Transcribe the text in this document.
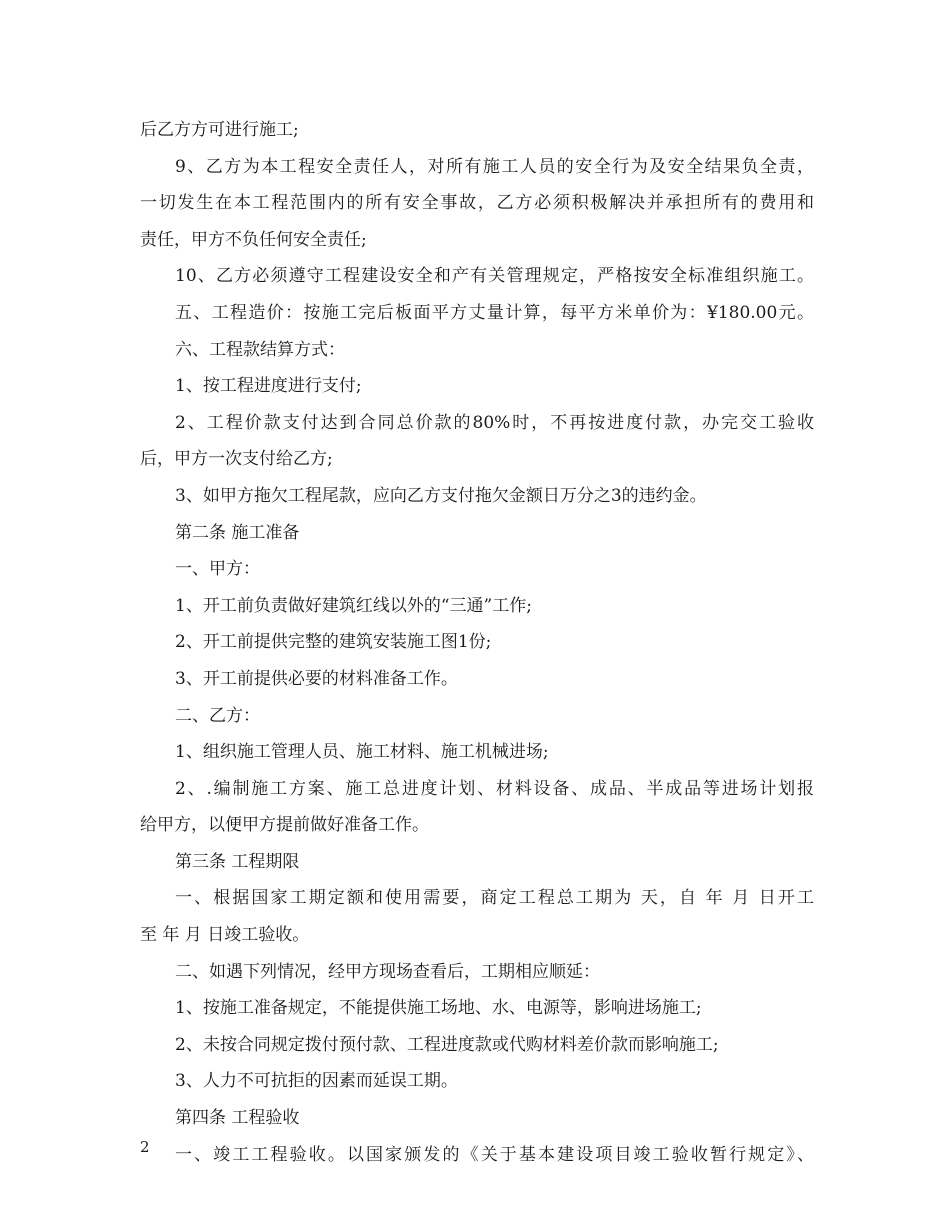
后乙方方可进行施工;
9、乙方为本工程安全责任人，对所有施工人员的安全行为及安全结果负全责，
一切发生在本工程范围内的所有安全事故，乙方必须积极解决并承担所有的费用和
责任，甲方不负任何安全责任;
10、乙方必须遵守工程建设安全和产有关管理规定，严格按安全标准组织施工。
五、工程造价：按施工完后板面平方丈量计算，每平方米单价为：¥180.00元。
六、工程款结算方式：
1、按工程进度进行支付;
2、工程价款支付达到合同总价款的80%时，不再按进度付款，办完交工验收
后，甲方一次支付给乙方;
3、如甲方拖欠工程尾款，应向乙方支付拖欠金额日万分之3的违约金。
第二条 施工准备
一、甲方：
1、开工前负责做好建筑红线以外的“三通”工作;
2、开工前提供完整的建筑安装施工图1份;
3、开工前提供必要的材料准备工作。
二、乙方：
1、组织施工管理人员、施工材料、施工机械进场;
2、.编制施工方案、施工总进度计划、材料设备、成品、半成品等进场计划报
给甲方，以便甲方提前做好准备工作。
第三条 工程期限
一、根据国家工期定额和使用需要，商定工程总工期为 天，自 年 月 日开工
至 年 月 日竣工验收。
二、如遇下列情况，经甲方现场查看后，工期相应顺延：
1、按施工准备规定，不能提供施工场地、水、电源等，影响进场施工;
2、未按合同规定拨付预付款、工程进度款或代购材料差价款而影响施工;
3、人力不可抗拒的因素而延误工期。
第四条 工程验收
一、竣工工程验收。以国家颁发的《关于基本建设项目竣工验收暂行规定》、
2
